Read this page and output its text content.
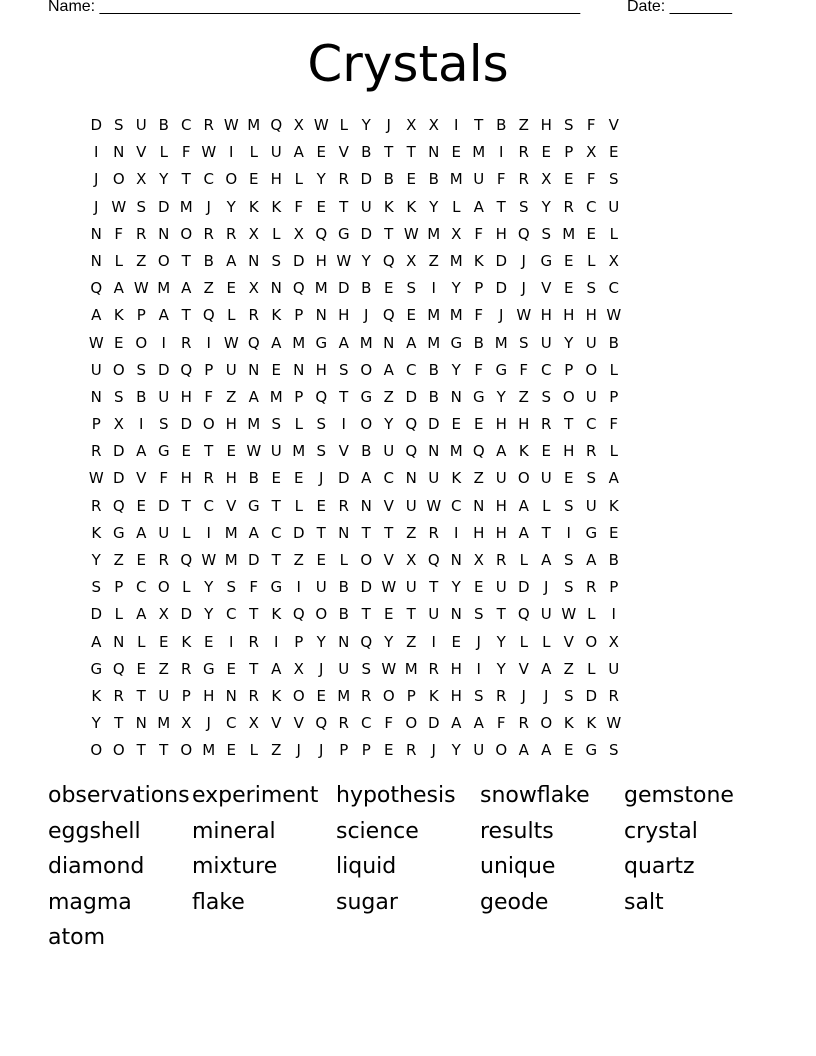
Name: ______________________________________________________	Date: _______
Crystals
D S U B C R W M Q X W L Y	J	X X	I	T B Z H S F V
I N V L F W I	L U A E V B T T N E M I	R E P X E
J O X Y T C O E H L Y R D B E B M U F R X E F S
J W S D M J	Y K K F E T U K K Y L A T S Y R C U
N F R N O R R X L X Q G D T W M X F H Q S M E L
N L Z O T B A N S D H W Y Q X Z M K D J G E L X
Q A W M A Z E X N Q M D B E S	I	Y P D J	V E S C
A K P A T Q L R K P N H J Q E M M F	J W H H H W
W E O I	R	I W Q A M G A M N A M G B M S U Y U B
U O S D Q P U N E N H S O A C B Y F G F C P O L
N S B U H F Z A M P Q T G Z D B N G Y Z S O U P
P X	I	S D O H M S L S	I O Y Q D E E H H R T C F
R D A G E T E W U M S V B U Q N M Q A K E H R L
W D V F H R H B E E	J D A C N U K Z U O U E S A
R Q E D T C V G T L E R N V U W C N H A L S U K
K G A U L	I M A C D T N T T Z R	I H H A T	I G E
Y Z E R Q W M D T Z E L O V X Q N X R L A S A B
S P C O L Y S F G I U B D W U T Y E U D J	S R P
D L A X D Y C T K Q O B T E T U N S T Q U W L	I
A N L E K E	I	R	I	P Y N Q Y Z	I	E	J	Y L L V O X
G Q E Z R G E T A X	J U S W M R H I	Y V A Z L U
K R T U P H N R K O E M R O P K H S R	J	J	S D R
Y T N M X	J	C X V V Q R C F O D A A F R O K K W
O O T T O M E L Z	J	J	P P E R	J	Y U O A A E G S
observations experiment hypothesis	snowflake	gemstone
eggshell	mineral	science	results	crystal
diamond	mixture	liquid	unique	quartz
magma	flake	sugar	geode	salt
atom
